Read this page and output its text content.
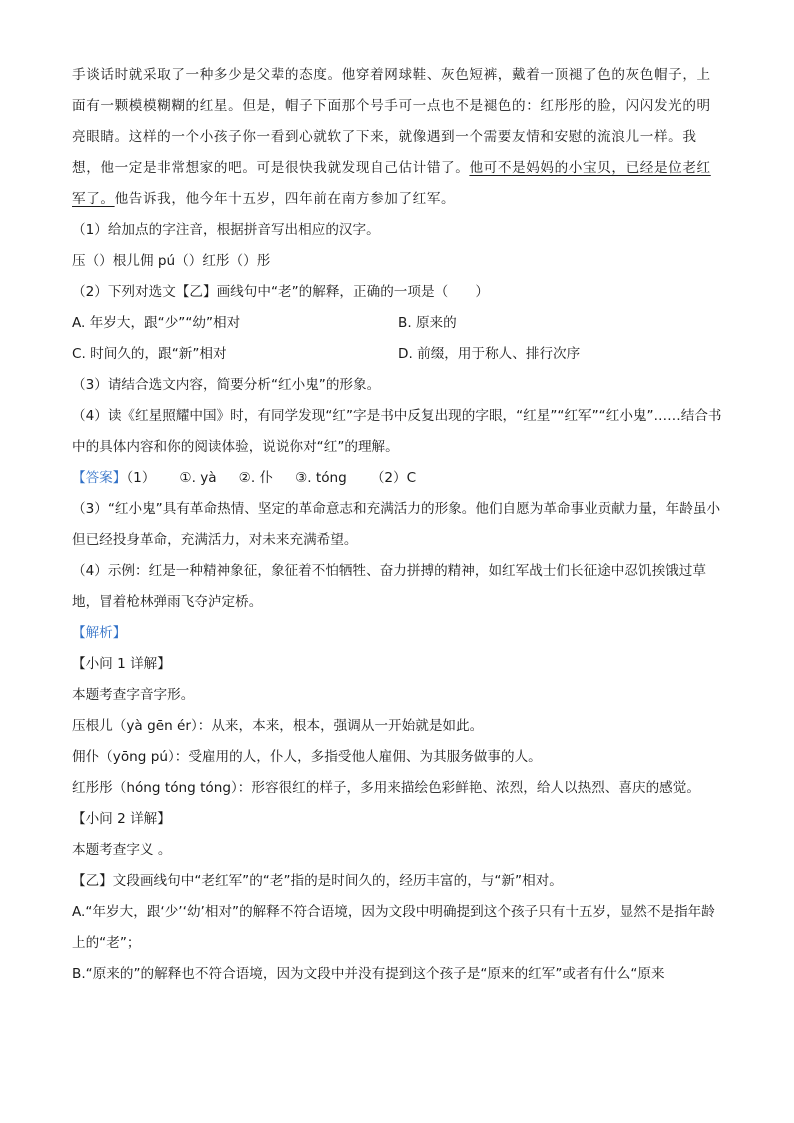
手谈话时就采取了一种多少是父辈的态度。他穿着网球鞋、灰色短裤，戴着一顶褪了色的灰色帽子，上面有一颗模模糊糊的红星。但是，帽子下面那个号手可一点也不是褪色的：红彤彤的脸，闪闪发光的明亮眼睛。这样的一个小孩子你一看到心就软了下来，就像遇到一个需要友情和安慰的流浪儿一样。我想，他一定是非常想家的吧。可是很快我就发现自己估计错了。他可不是妈妈的小宝贝，已经是位老红军了。他告诉我，他今年十五岁，四年前在南方参加了红军。

（1）给加点的字注音，根据拼音写出相应的汉字。

压（）根儿佣 pú（）红彤（）彤

（2）下列对选文【乙】画线句中“老”的解释，正确的一项是（　　）

A. 年岁大，跟“少”“幼”相对	B. 原来的

C. 时间久的，跟“新”相对	D. 前缀，用于称人、排行次序

（3）请结合选文内容，简要分析“红小鬼”的形象。

（4）读《红星照耀中国》时，有同学发现“红”字是书中反复出现的字眼，“红星”“红军”“红小鬼”……结合书中的具体内容和你的阅读体验，说说你对“红”的理解。

【答案】（1） ①. yà ②. 仆 ③. tóng （2）C

（3）“红小鬼”具有革命热情、坚定的革命意志和充满活力的形象。他们自愿为革命事业贡献力量，年龄虽小但已经投身革命，充满活力，对未来充满希望。

（4）示例：红是一种精神象征，象征着不怕牺牲、奋力拼搏的精神，如红军战士们长征途中忍饥挨饿过草地，冒着枪林弹雨飞夺泸定桥。

【解析】

【小问 1 详解】

本题考查字音字形。

压根儿（yà gēn ér）：从来，本来，根本，强调从一开始就是如此。

佣仆（yōng pú）：受雇用的人，仆人，多指受他人雇佣、为其服务做事的人。

红彤彤（hóng tóng tóng）：形容很红的样子，多用来描绘色彩鲜艳、浓烈，给人以热烈、喜庆的感觉。

【小问 2 详解】

本题考查字义 。

【乙】文段画线句中“老红军”的“老”指的是时间久的，经历丰富的，与“新”相对。

A.“年岁大，跟‘少’‘幼’相对”的解释不符合语境，因为文段中明确提到这个孩子只有十五岁，显然不是指年龄上的“老”；

B.“原来的”的解释也不符合语境，因为文段中并没有提到这个孩子是“原来的红军”或者有什么“原来
